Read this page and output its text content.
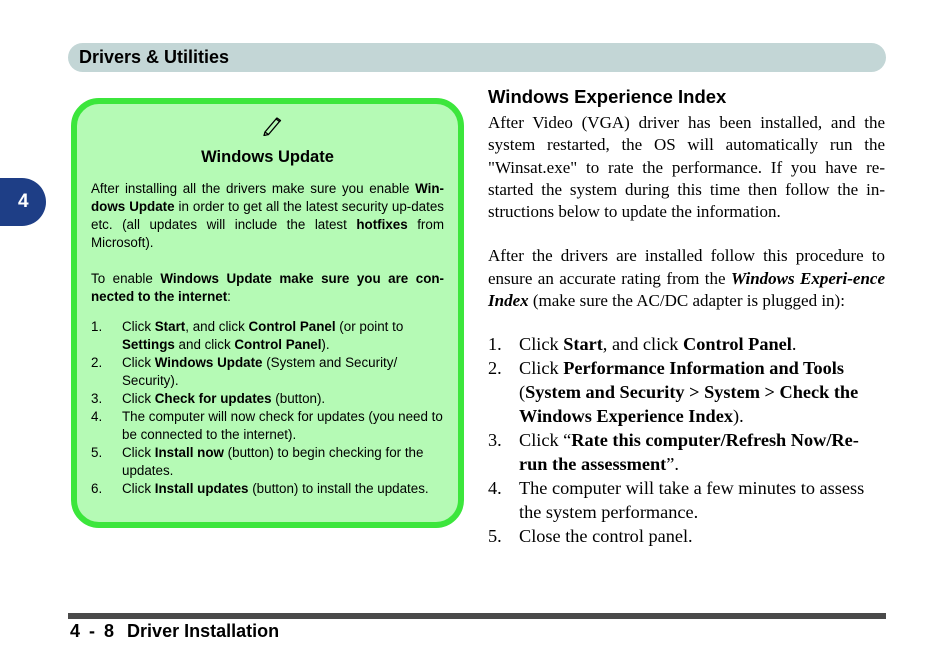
Drivers & Utilities
4
Windows Update

After installing all the drivers make sure you enable Win-dows Update in order to get all the latest security up-dates etc. (all updates will include the latest hotfixes from Microsoft).

To enable Windows Update make sure you are con-nected to the internet:

1.	Click Start, and click Control Panel (or point to Settings and click Control Panel).
2.	Click Windows Update (System and Security/ Security).
3.	Click Check for updates (button).
4.	The computer will now check for updates (you need to be connected to the internet).
5.	Click Install now (button) to begin checking for the updates.
6.	Click Install updates (button) to install the updates.
Windows Experience Index

After Video (VGA) driver has been installed, and the system restarted, the OS will automatically run the "Winsat.exe" to rate the performance. If you have re-started the system during this time then follow the in-structions below to update the information.

After the drivers are installed follow this procedure to ensure an accurate rating from the Windows Experi-ence Index (make sure the AC/DC adapter is plugged in):

1. Click Start, and click Control Panel.
2. Click Performance Information and Tools (System and Security > System > Check the Windows Experience Index).
3. Click “Rate this computer/Refresh Now/Re-run the assessment”.
4. The computer will take a few minutes to assess the system performance.
5. Close the control panel.
4 - 8 Driver Installation
